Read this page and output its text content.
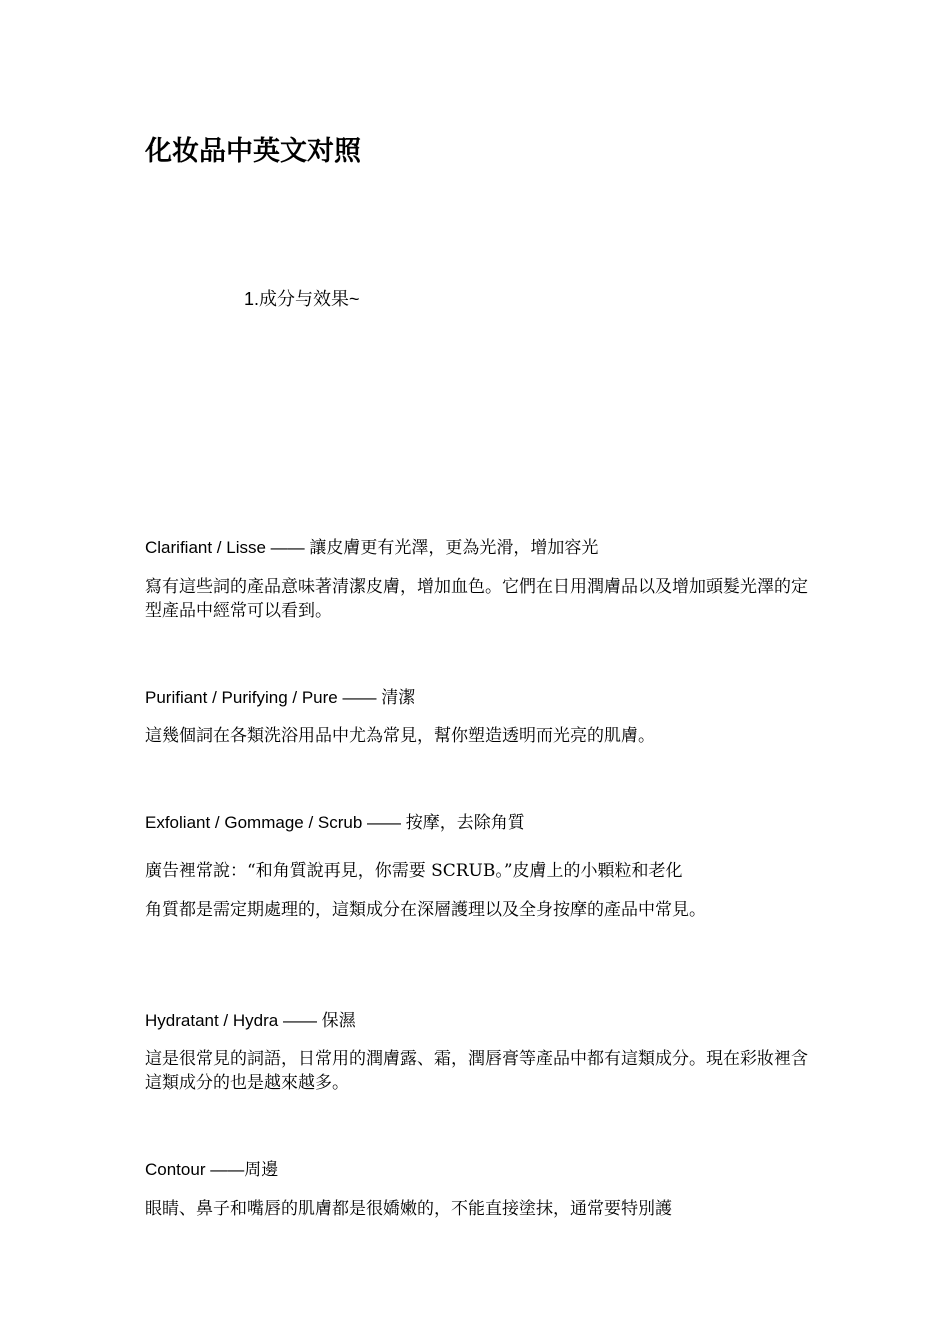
化妆品中英文对照
1.成分与效果~
Clarifiant / Lisse —— 讓皮膚更有光澤，更為光滑，增加容光
寫有這些詞的產品意味著清潔皮膚，增加血色。它們在日用潤膚品以及增加頭髮光澤的定型產品中經常可以看到。
Purifiant / Purifying / Pure —— 清潔
這幾個詞在各類洗浴用品中尤為常見，幫你塑造透明而光亮的肌膚。
Exfoliant / Gommage / Scrub —— 按摩，去除角質
廣告裡常說：“和角質說再見，你需要 SCRUB。”皮膚上的小顆粒和老化
角質都是需定期處理的，這類成分在深層護理以及全身按摩的產品中常見。
Hydratant / Hydra —— 保濕
這是很常見的詞語，日常用的潤膚露、霜，潤唇膏等產品中都有這類成分。現在彩妝裡含這類成分的也是越來越多。
Contour ——周邊
眼睛、鼻子和嘴唇的肌膚都是很嬌嫩的，不能直接塗抹，通常要特別護
